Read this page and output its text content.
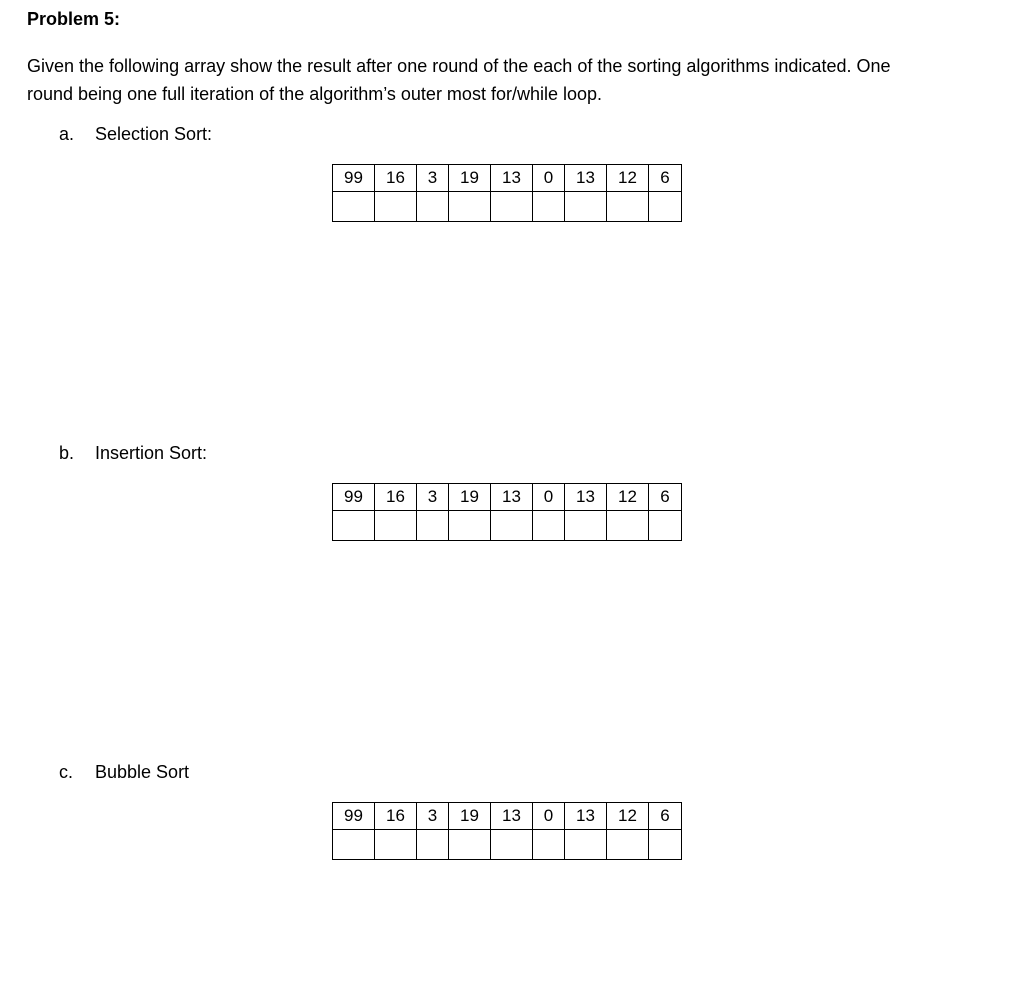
Problem 5:
Given the following array show the result after one round of the each of the sorting algorithms indicated. One
round being one full iteration of the algorithm’s outer most for/while loop.
a. Selection Sort:
99	16	3	19	13	0	13	12	6

b. Insertion Sort:
99	16	3	19	13	0	13	12	6

c. Bubble Sort
99	16	3	19	13	0	13	12	6
